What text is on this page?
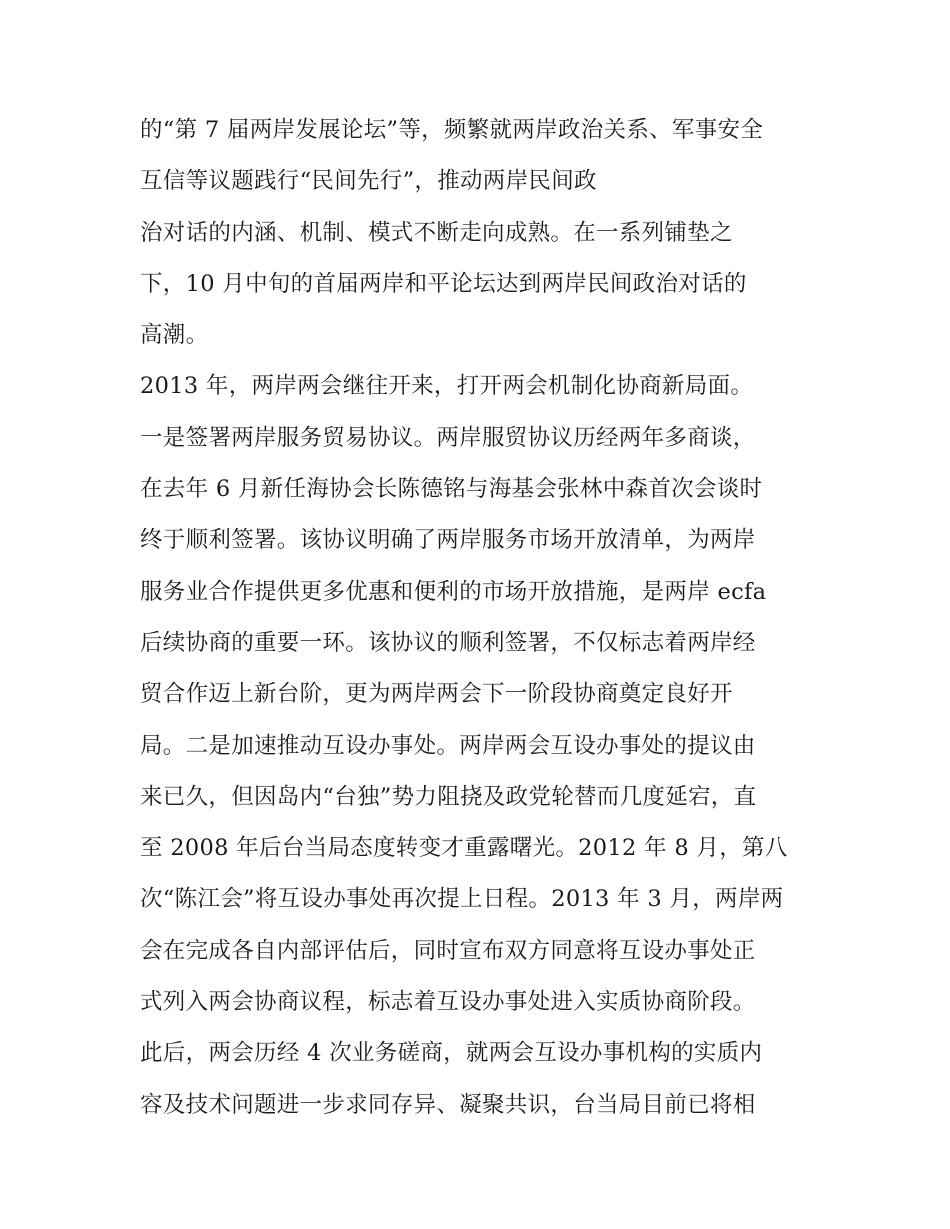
的“第 7 届两岸发展论坛”等，频繁就两岸政治关系、军事安全
互信等议题践行“民间先行”，推动两岸民间政
治对话的内涵、机制、模式不断走向成熟。在一系列铺垫之
下，10 月中旬的首届两岸和平论坛达到两岸民间政治对话的
高潮。
2013 年，两岸两会继往开来，打开两会机制化协商新局面。
一是签署两岸服务贸易协议。两岸服贸协议历经两年多商谈，
在去年 6 月新任海协会长陈德铭与海基会张林中森首次会谈时
终于顺利签署。该协议明确了两岸服务市场开放清单，为两岸
服务业合作提供更多优惠和便利的市场开放措施，是两岸 ecfa
后续协商的重要一环。该协议的顺利签署，不仅标志着两岸经
贸合作迈上新台阶，更为两岸两会下一阶段协商奠定良好开
局。二是加速推动互设办事处。两岸两会互设办事处的提议由
来已久，但因岛内“台独”势力阻挠及政党轮替而几度延宕，直
至 2008 年后台当局态度转变才重露曙光。2012 年 8 月，第八
次“陈江会”将互设办事处再次提上日程。2013 年 3 月，两岸两
会在完成各自内部评估后，同时宣布双方同意将互设办事处正
式列入两会协商议程，标志着互设办事处进入实质协商阶段。
此后，两会历经 4 次业务磋商，就两会互设办事机构的实质内
容及技术问题进一步求同存异、凝聚共识，台当局目前已将相
